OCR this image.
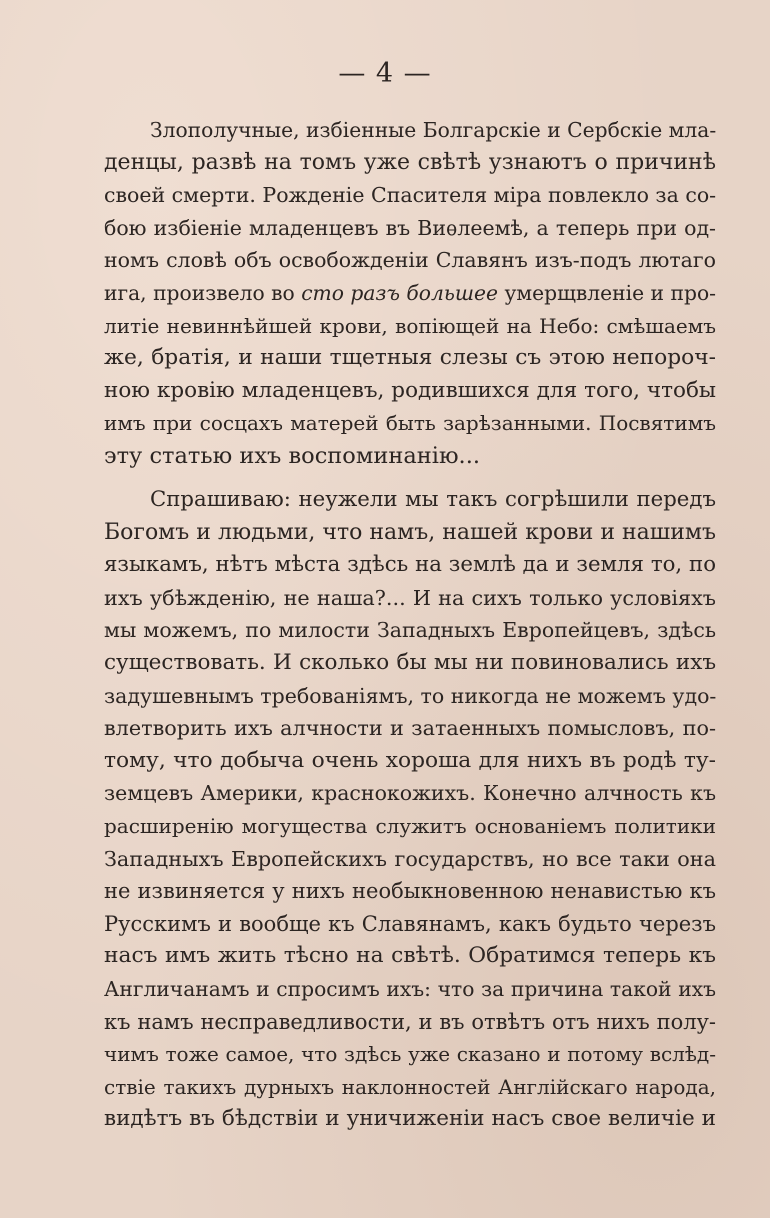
— 4 —
Злополучные, избіенные Болгарскіе и Сербскіе мла-
денцы, развѣ на томъ уже свѣтѣ узнаютъ о причинѣ
своей смерти. Рожденіе Спасителя міра повлекло за со-
бою избіеніе младенцевъ въ Виѳлеемѣ, а теперь при од-
номъ словѣ объ освобожденіи Славянъ изъ-подъ лютаго
ига, произвело во сто разъ большее умерщвленіе и про-
литіе невиннѣйшей крови, вопіющей на Небо: смѣшаемъ
же, братія, и наши тщетныя слезы съ этою непороч-
ною кровію младенцевъ, родившихся для того, чтобы
имъ при сосцахъ матерей быть зарѣзанными. Посвятимъ
эту статью ихъ воспоминанію...
Спрашиваю: неужели мы такъ согрѣшили передъ
Богомъ и людьми, что намъ, нашей крови и нашимъ
языкамъ, нѣтъ мѣста здѣсь на землѣ да и земля то, по
ихъ убѣжденію, не наша?... И на сихъ только условіяхъ
мы можемъ, по милости Западныхъ Европейцевъ, здѣсь
существовать. И сколько бы мы ни повиновались ихъ
задушевнымъ требованіямъ, то никогда не можемъ удо-
влетворить ихъ алчности и затаенныхъ помысловъ, по-
тому, что добыча очень хороша для нихъ въ родѣ ту-
земцевъ Америки, краснокожихъ. Конечно алчность къ
расширенію могущества служитъ основаніемъ политики
Западныхъ Европейскихъ государствъ, но все таки она
не извиняется у нихъ необыкновенною ненавистью къ
Русскимъ и вообще къ Славянамъ, какъ будьто черезъ
насъ имъ жить тѣсно на свѣтѣ. Обратимся теперь къ
Англичанамъ и спросимъ ихъ: что за причина такой ихъ
къ намъ несправедливости, и въ отвѣтъ отъ нихъ полу-
чимъ тоже самое, что здѣсь уже сказано и потому вслѣд-
ствіе такихъ дурныхъ наклонностей Англійскаго народа,
видѣтъ въ бѣдствіи и уничиженіи насъ свое величіе и
